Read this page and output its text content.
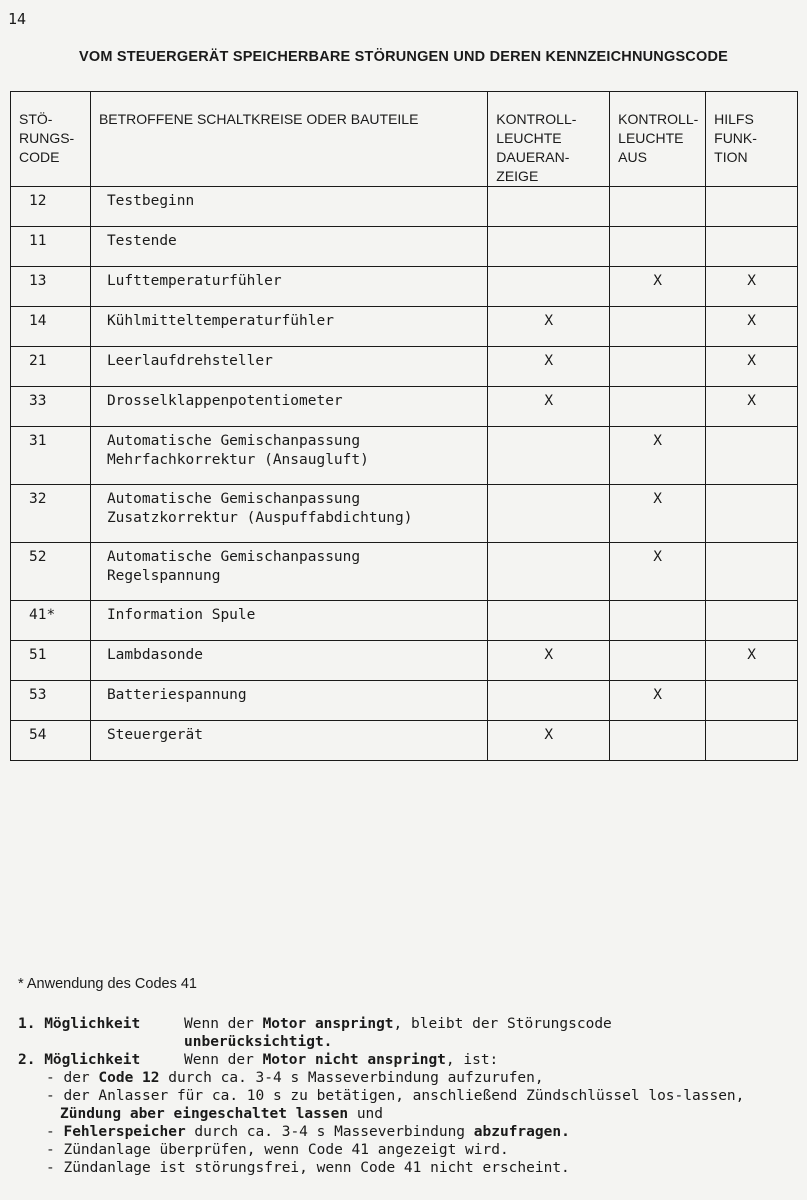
14
VOM STEUERGERÄT SPEICHERBARE STÖRUNGEN UND DEREN KENNZEICHNUNGSCODE
STÖ-
RUNGS-
CODE	BETROFFENE SCHALTKREISE ODER BAUTEILE	KONTROLL-
LEUCHTE
DAUERAN-
ZEIGE	KONTROLL-
LEUCHTE
AUS	HILFS
FUNK-
TION
12	Testbeginn			
11	Testende			
13	Lufttemperaturfühler		X	X
14	Kühlmitteltemperaturfühler	X		X
21	Leerlaufdrehsteller	X		X
33	Drosselklappenpotentiometer	X		X
31	Automatische Gemischanpassung
Mehrfachkorrektur (Ansaugluft)		X	
32	Automatische Gemischanpassung
Zusatzkorrektur (Auspuffabdichtung)		X	
52	Automatische Gemischanpassung
Regelspannung		X	
41*	Information Spule			
51	Lambdasonde	X		X
53	Batteriespannung		X	
54	Steuergerät	X		
* Anwendung des Codes 41
1. Möglichkeit	Wenn der Motor anspringt, bleibt der Störungscode
unberücksichtigt.
2. Möglichkeit	Wenn der Motor nicht anspringt, ist:
- der Code 12 durch ca. 3-4 s Masseverbindung aufzurufen,
- der Anlasser für ca. 10 s zu betätigen, anschließend Zündschlüssel los-lassen, Zündung aber eingeschaltet lassen und
- Fehlerspeicher durch ca. 3-4 s Masseverbindung abzufragen.
- Zündanlage überprüfen, wenn Code 41 angezeigt wird.
- Zündanlage ist störungsfrei, wenn Code 41 nicht erscheint.
